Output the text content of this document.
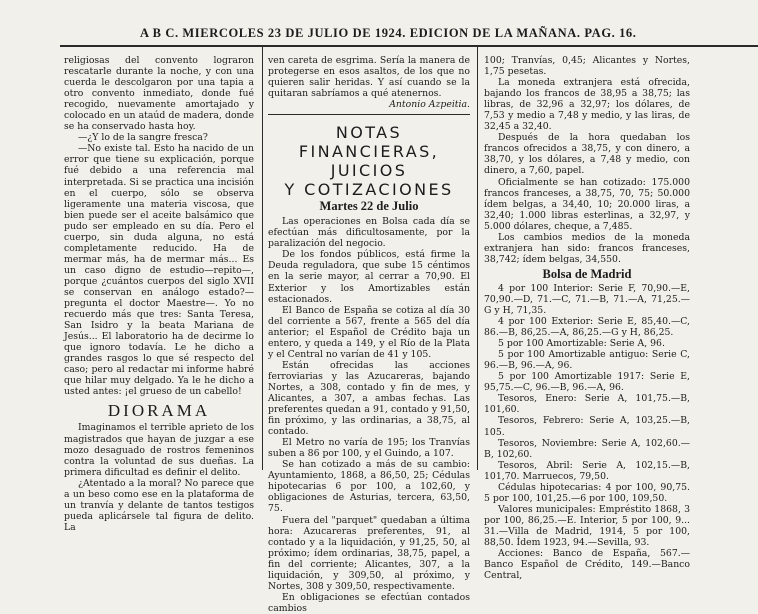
A B C. MIERCOLES 23 DE JULIO DE 1924. EDICION DE LA MAÑANA. PAG. 16.

religiosas del convento lograron rescatarle durante la noche, y con una cuerda le descolgaron por una tapia a otro convento inmediato, donde fué recogido, nuevamente amortajado y colocado en un ataúd de madera, donde se ha conservado hasta hoy.

—¿Y lo de la sangre fresca?

—No existe tal. Esto ha nacido de un error que tiene su explicación, porque fué debido a una referencia mal interpretada. Si se practica una incisión en el cuerpo, sólo se observa ligeramente una materia viscosa, que bien puede ser el aceite balsámico que pudo ser empleado en su día. Pero el cuerpo, sin duda alguna, no está completamente reducido. Ha de mermar más, ha de mermar más... Es un caso digno de estudio—repito—, porque ¿cuántos cuerpos del siglo XVII se conservan en análogo estado?—pregunta el doctor Maestre—. Yo no recuerdo más que tres: Santa Teresa, San Isidro y la beata Mariana de Jesús... El laboratorio ha de decirme lo que ignoro todavía. Le he dicho a grandes rasgos lo que sé respecto del caso; pero al redactar mi informe habré que hilar muy delgado. Ya le he dicho a usted antes: ¡el grueso de un cabello!

DIORAMA

Imaginamos el terrible aprieto de los magistrados que hayan de juzgar a ese mozo desaguado de rostros femeninos contra la voluntad de sus dueñas. La primera dificultad es definir el delito.

¿Atentado a la moral? No parece que a un beso como ese en la plataforma de un tranvía y delante de tantos testigos pueda aplicársele tal figura de delito. La

ven careta de esgrima. Sería la manera de protegerse en esos asaltos, de los que no quieren salir heridas. Y así cuando se la quitaran sabríamos a qué atenernos.

Antonio Azpeitia.
NOTAS FINANCIERAS,
JUICIOS
Y COTIZACIONES
Martes 22 de Julio

Las operaciones en Bolsa cada día se efectúan más dificultosamente, por la paralización del negocio.

De los fondos públicos, está firme la Deuda reguladora, que sube 15 céntimos en la serie mayor, al cerrar a 70,90. El Exterior y los Amortizables están estacionados.

El Banco de España se cotiza al día 30 del corriente a 567, frente a 565 del día anterior; el Español de Crédito baja un entero, y queda a 149, y el Río de la Plata y el Central no varían de 41 y 105.

Están ofrecidas las acciones ferroviarias y las Azucareras, bajando Nortes, a 308, contado y fin de mes, y Alicantes, a 307, a ambas fechas. Las preferentes quedan a 91, contado y 91,50, fin próximo, y las ordinarias, a 38,75, al contado.

El Metro no varía de 195; los Tranvías suben a 86 por 100, y el Guindo, a 107.

Se han cotizado a más de su cambio: Ayuntamiento, 1868, a 86,50, 25; Cédulas hipotecarias 6 por 100, a 102,60, y obligaciones de Asturias, tercera, 63,50, 75.

Fuera del "parquet" quedaban a última hora: Azucareras preferentes, 91, al contado y a la liquidación, y 91,25, 50, al próximo; ídem ordinarias, 38,75, papel, a fin del corriente; Alicantes, 307, a la liquidación, y 309,50, al próximo, y Nortes, 308 y 309,50, respectivamente.

En obligaciones se efectúan contados cambios

100; Tranvías, 0,45; Alicantes y Nortes, 1,75 pesetas.

La moneda extranjera está ofrecida, bajando los francos de 38,95 a 38,75; las libras, de 32,96 a 32,97; los dólares, de 7,53 y medio a 7,48 y medio, y las liras, de 32,45 a 32,40.

Después de la hora quedaban los francos ofrecidos a 38,75, y con dinero, a 38,70, y los dólares, a 7,48 y medio, con dinero, a 7,60, papel.

Oficialmente se han cotizado: 175.000 francos franceses, a 38,75, 70, 75; 50.000 ídem belgas, a 34,40, 10; 20.000 liras, a 32,40; 1.000 libras esterlinas, a 32,97, y 5.000 dólares, cheque, a 7,485.

Los cambios medios de la moneda extranjera han sido: francos franceses, 38,742; ídem belgas, 34,550.

Bolsa de Madrid

4 por 100 Interior: Serie F, 70,90.—E, 70,90.—D, 71.—C, 71.—B, 71.—A, 71,25.—G y H, 71,35.

4 por 100 Exterior: Serie E, 85,40.—C, 86.—B, 86,25.—A, 86,25.—G y H, 86,25.

5 por 100 Amortizable: Serie A, 96.

5 por 100 Amortizable antiguo: Serie C, 96.—B, 96.—A, 96.

5 por 100 Amortizable 1917: Serie E, 95,75.—C, 96.—B, 96.—A, 96.

Tesoros, Enero: Serie A, 101,75.—B, 101,60.

Tesoros, Febrero: Serie A, 103,25.—B, 105.

Tesoros, Noviembre: Serie A, 102,60.—B, 102,60.

Tesoros, Abril: Serie A, 102,15.—B, 101,70. Marruecos, 79,50.

Cédulas hipotecarias: 4 por 100, 90,75. 5 por 100, 101,25.—6 por 100, 109,50.

Valores municipales: Empréstito 1868, 3 por 100, 86,25.—E. Interior, 5 por 100, 9... 31.—Villa de Madrid, 1914, 5 por 100, 88,50. Ídem 1923, 94.—Sevilla, 93.

Acciones: Banco de España, 567.—Banco Español de Crédito, 149.—Banco Central,
